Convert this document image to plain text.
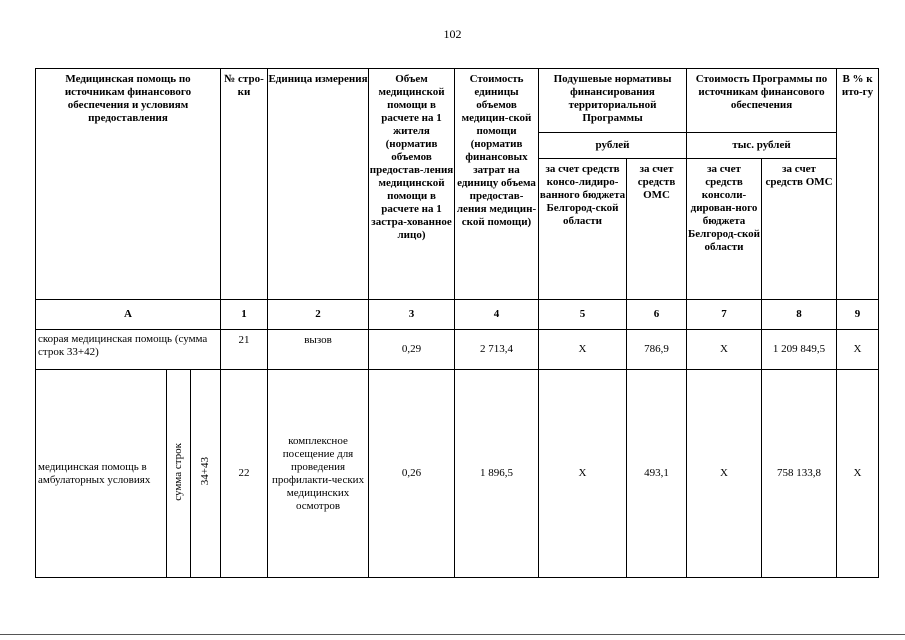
102
Медицинская помощь по источникам финансового обеспечения и условиям предоставления			№ стро-ки	Единица измерения	Объем медицинской помощи в расчете на 1 жителя (норматив объемов предостав-ления медицинской помощи в расчете на 1 застра-хованное лицо)	Стоимость единицы объемов медицин-ской помощи (норматив финансовых затрат на единицу объема предостав-ления медицин-ской помощи)	Подушевые нормативы финансирования территориальной Программы		Стоимость Программы по источникам финансового обеспечения		В % к ито-гу
							рублей		тыс. рублей		
							за счет средств консо-лидиро-ванного бюджета Белгород-ской области	за счет средств ОМС	за счет средств консоли-дирован-ного бюджета Белгород-ской области	за счет средств ОМС	
А			1	2	3	4	5	6	7	8	9
скорая медицинская помощь (сумма строк 33+42)			21	вызов	0,29	2 713,4	X	786,9	X	1 209 849,5	X
медицинская помощь в амбулаторных условиях	сумма строк	34+43	22	комплексное посещение для проведения профилакти-ческих медицинских осмотров	0,26	1 896,5	X	493,1	X	758 133,8	X
